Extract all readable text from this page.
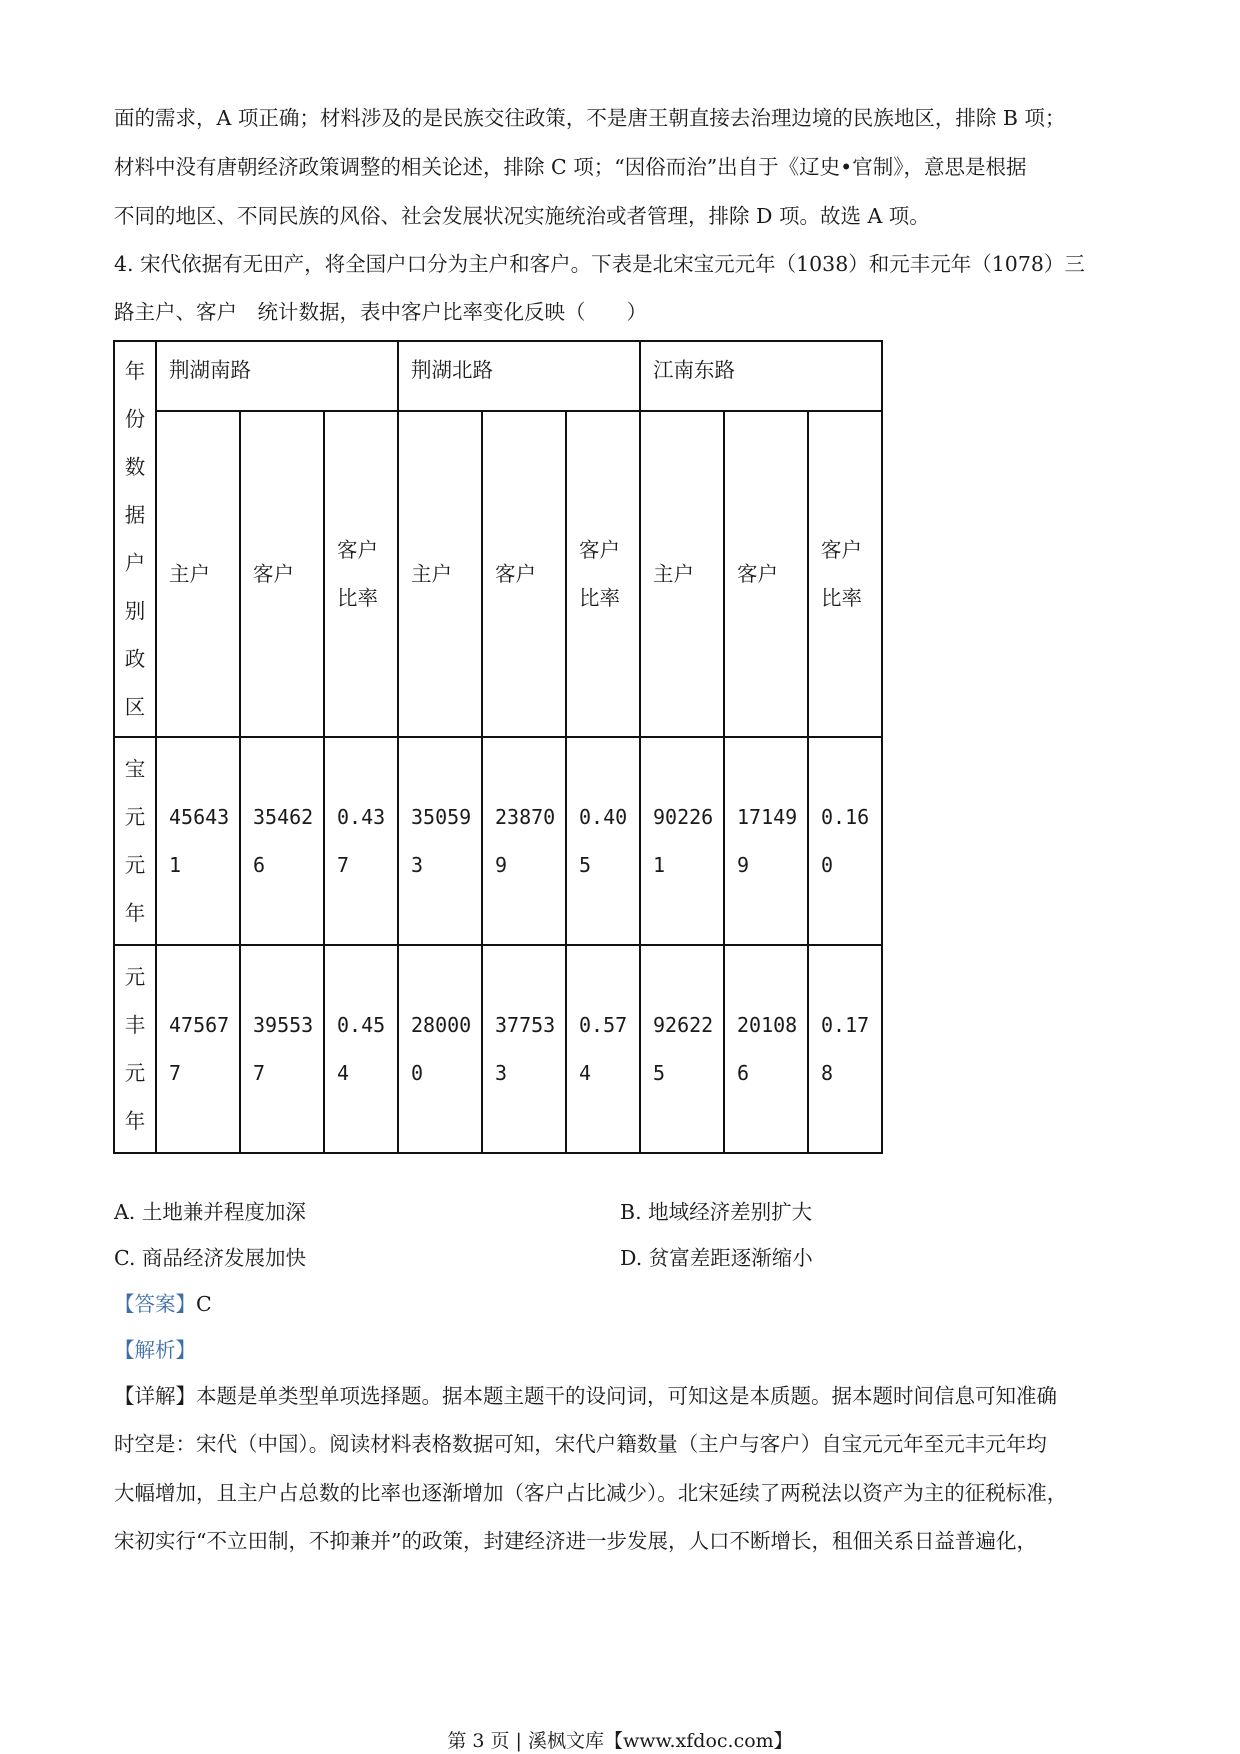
面的需求，A 项正确；材料涉及的是民族交往政策，不是唐王朝直接去治理边境的民族地区，排除 B 项；
材料中没有唐朝经济政策调整的相关论述，排除 C 项；“因俗而治”出自于《辽史•官制》，意思是根据
不同的地区、不同民族的风俗、社会发展状况实施统治或者管理，排除 D 项。故选 A 项。
4. 宋代依据有无田产，将全国户口分为主户和客户。下表是北宋宝元元年（1038）和元丰元年（1078）三
路主户、客户　统计数据，表中客户比率变化反映（　　）
年份数据户别政区	荆湖南路			荆湖北路			江南东路		
	主户	客户	客户比率	主户	客户	客户比率	主户	客户	客户比率
宝元元年	456431	354626	0.437	350593	238709	0.405	902261	171499	0.160
元丰元年	475677	395537	0.454	280000	377533	0.574	926225	201086	0.178
A. 土地兼并程度加深	B. 地域经济差别扩大
C. 商品经济发展加快	D. 贫富差距逐渐缩小
【答案】C
【解析】
【详解】本题是单类型单项选择题。据本题主题干的设问词，可知这是本质题。据本题时间信息可知准确
时空是：宋代（中国）。阅读材料表格数据可知，宋代户籍数量（主户与客户）自宝元元年至元丰元年均
大幅增加，且主户占总数的比率也逐渐增加（客户占比减少）。北宋延续了两税法以资产为主的征税标准，
宋初实行“不立田制，不抑兼并”的政策，封建经济进一步发展，人口不断增长，租佃关系日益普遍化，
第 3 页 | 溪枫文库【www.xfdoc.com】
